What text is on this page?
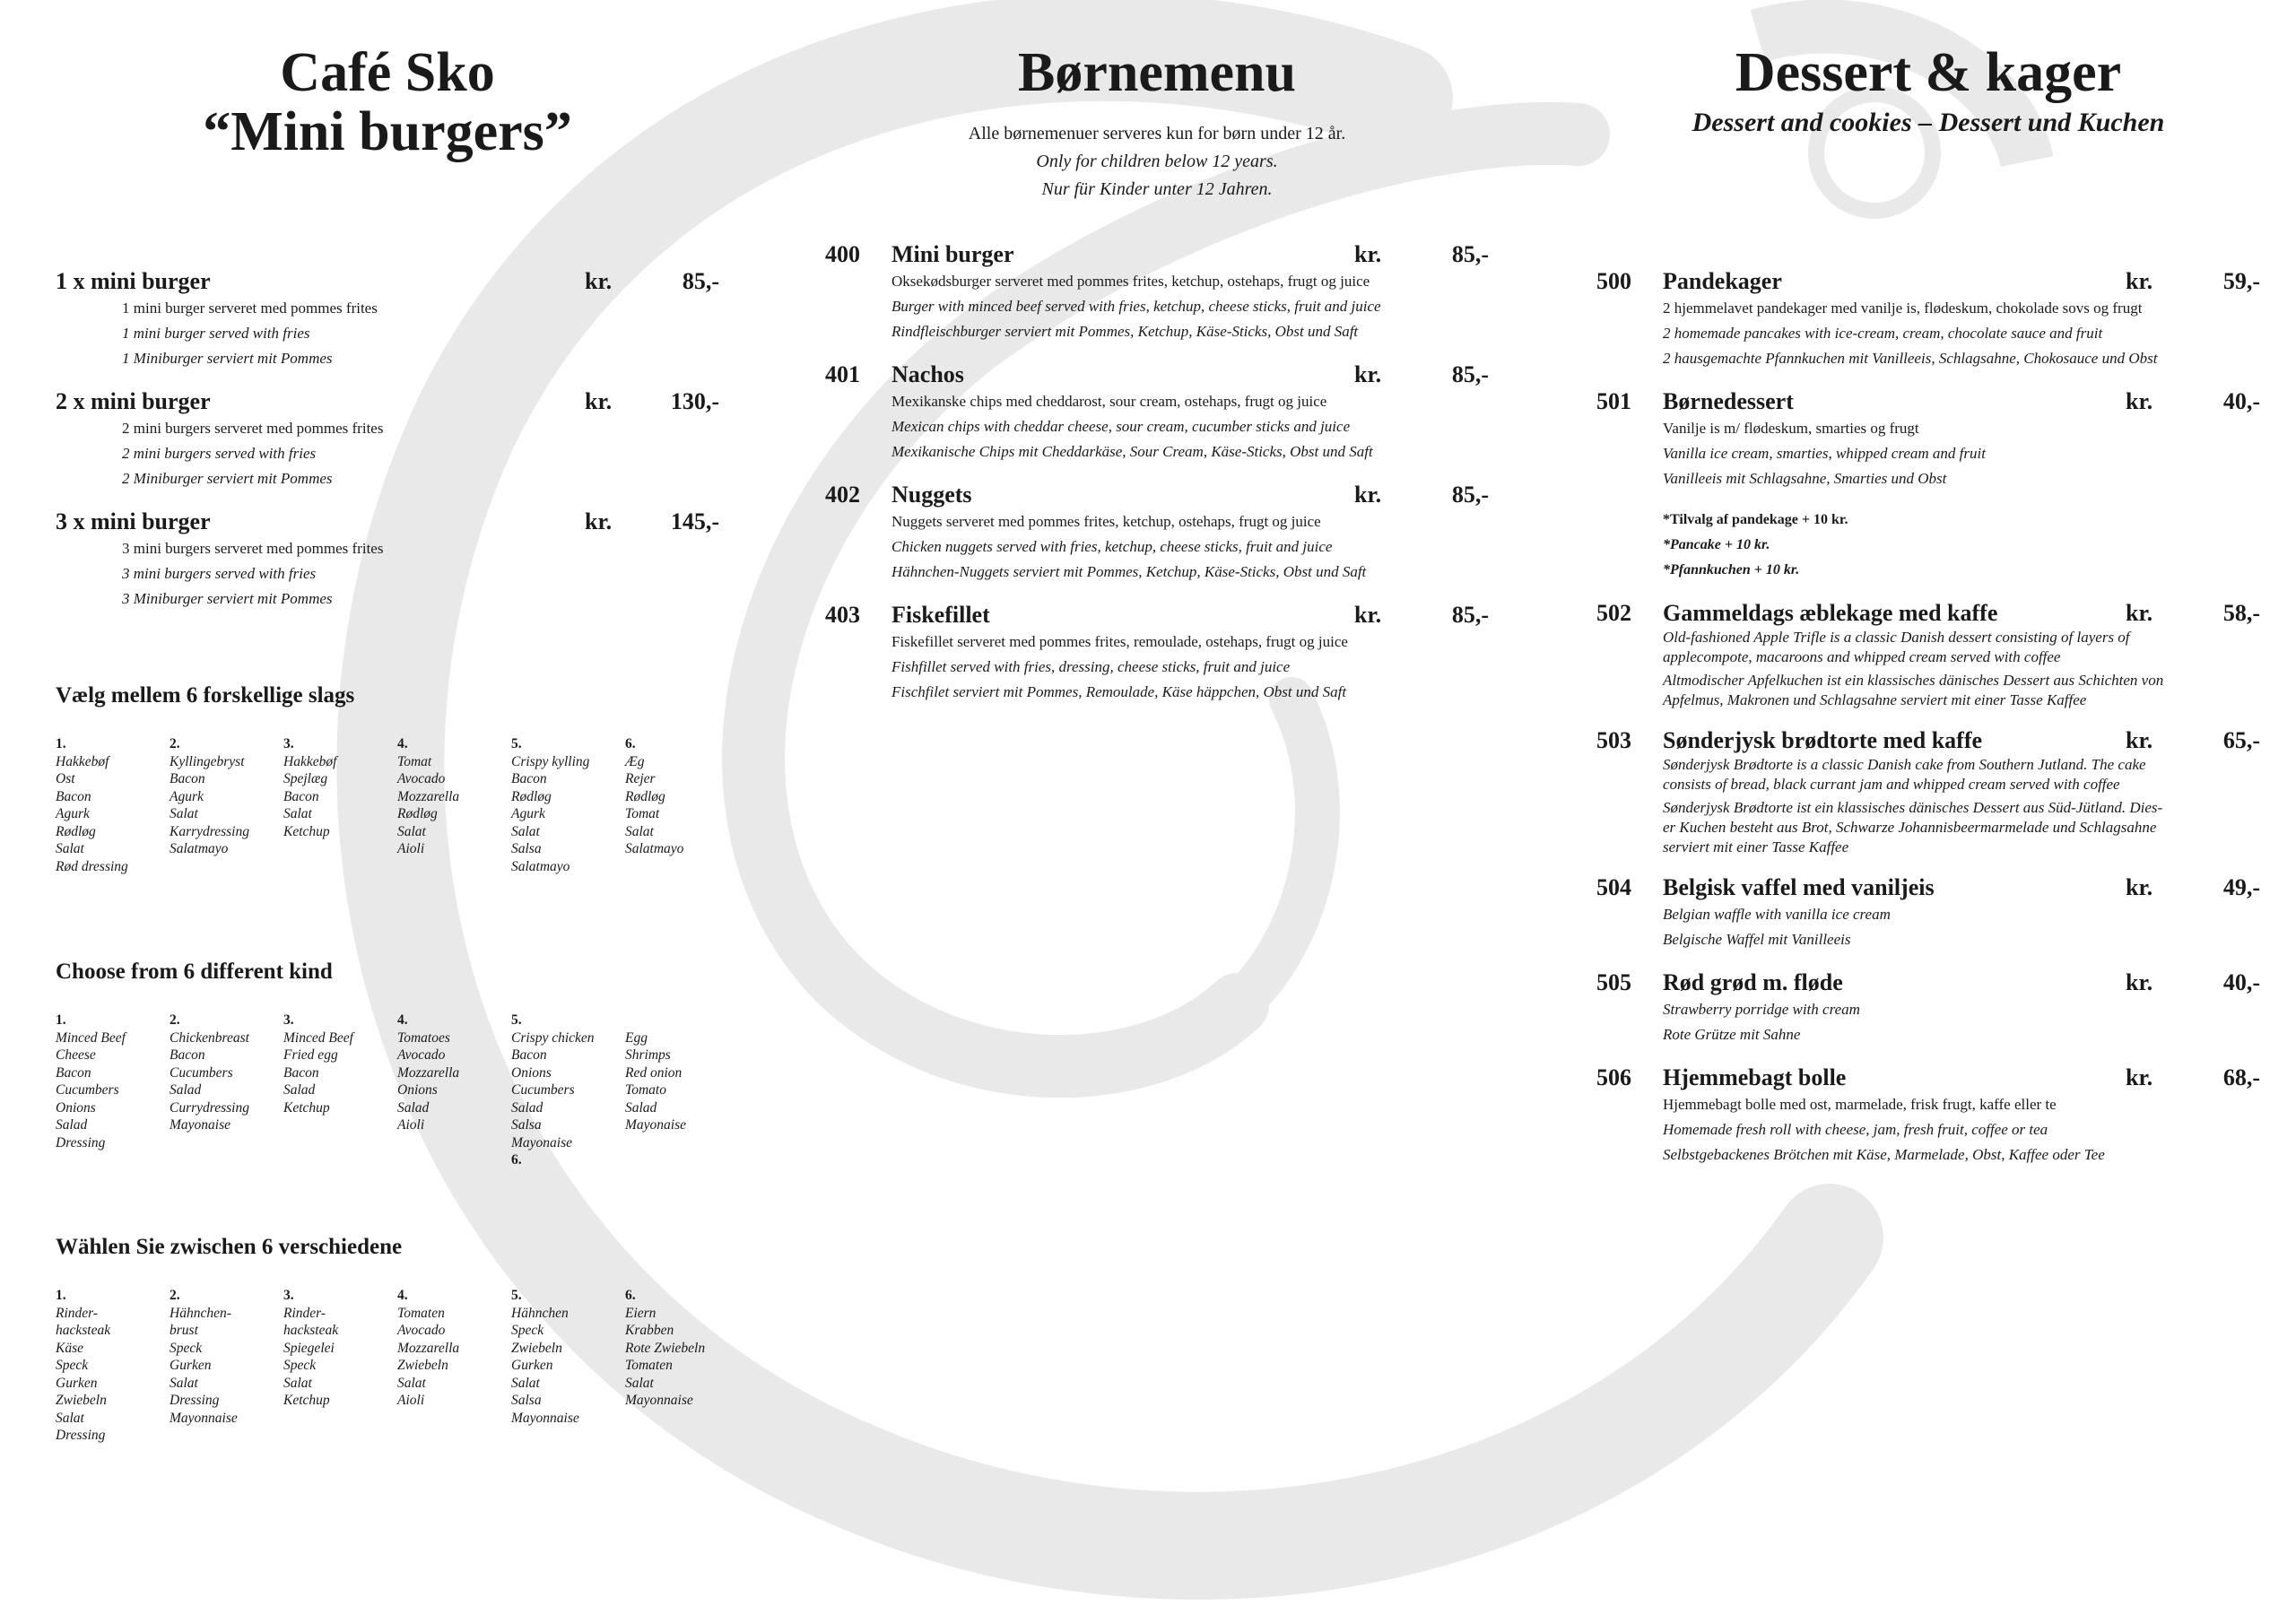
Café Sko
“Mini burgers”
1 x mini burger	kr.	85,-
1 mini burger serveret med pommes frites
1 mini burger served with fries
1 Miniburger serviert mit Pommes
2 x mini burger	kr.	130,-
2 mini burgers serveret med pommes frites
2 mini burgers served with fries
2 Miniburger serviert mit Pommes
3 x mini burger	kr.	145,-
3 mini burgers serveret med pommes frites
3 mini burgers served with fries
3 Miniburger serviert mit Pommes
Vælg mellem 6 forskellige slags
1.
Hakkebøf
Ost
Bacon
Agurk
Rødløg
Salat
Rød dressing
2.
Kyllingebryst
Bacon
Agurk
Salat
Karrydressing
Salatmayo
3.
Hakkebøf
Spejlæg
Bacon
Salat
Ketchup
4.
Tomat
Avocado
Mozzarella
Rødløg
Salat
Aioli
5.
Crispy kylling
Bacon
Rødløg
Agurk
Salat
Salsa
Salatmayo
6.
Æg
Rejer
Rødløg
Tomat
Salat
Salatmayo
Choose from 6 different kind
1.
Minced Beef
Cheese
Bacon
Cucumbers
Onions
Salad
Dressing
2.
Chickenbreast
Bacon
Cucumbers
Salad
Currydressing
Mayonaise
3.
Minced Beef
Fried egg
Bacon
Salad
Ketchup
4.
Tomatoes
Avocado
Mozzarella
Onions
Salad
Aioli
5.
Crispy chicken
Bacon
Onions
Cucumbers
Salad
Salsa
Mayonaise
6.
Egg
Shrimps
Red onion
Tomato
Salad
Mayonaise
Wählen Sie zwischen 6 verschiedene
1.
Rinder-
hacksteak
Käse
Speck
Gurken
Zwiebeln
Salat
Dressing
2.
Hähnchen-
brust
Speck
Gurken
Salat
Dressing
Mayonnaise
3.
Rinder-
hacksteak
Spiegelei
Speck
Salat
Ketchup
4.
Tomaten
Avocado
Mozzarella
Zwiebeln
Salat
Aioli
5.
Hähnchen
Speck
Zwiebeln
Gurken
Salat
Salsa
Mayonnaise
6.
Eiern
Krabben
Rote Zwiebeln
Tomaten
Salat
Mayonnaise
Børnemenu
Alle børnemenuer serveres kun for børn under 12 år.
Only for children below 12 years.
Nur für Kinder unter 12 Jahren.
400	Mini burger	kr.	85,-
Oksekødsburger serveret med pommes frites, ketchup, ostehaps, frugt og juice
Burger with minced beef served with fries, ketchup, cheese sticks, fruit and juice
Rindfleischburger serviert mit Pommes, Ketchup, Käse-Sticks, Obst und Saft
401	Nachos	kr.	85,-
Mexikanske chips med cheddarost, sour cream, ostehaps, frugt og juice
Mexican chips with cheddar cheese, sour cream, cucumber sticks and juice
Mexikanische Chips mit Cheddarkäse, Sour Cream, Käse-Sticks, Obst und Saft
402	Nuggets	kr.	85,-
Nuggets serveret med pommes frites, ketchup, ostehaps, frugt og juice
Chicken nuggets served with fries, ketchup, cheese sticks, fruit and juice
Hähnchen-Nuggets serviert mit Pommes, Ketchup, Käse-Sticks, Obst und Saft
403	Fiskefillet	kr.	85,-
Fiskefillet serveret med pommes frites, remoulade, ostehaps, frugt og juice
Fishfillet served with fries, dressing, cheese sticks, fruit and juice
Fischfilet serviert mit Pommes, Remoulade, Käse häppchen, Obst und Saft
Dessert & kager
Dessert and cookies – Dessert und Kuchen
500	Pandekager	kr.	59,-
2 hjemmelavet pandekager med vanilje is, flødeskum, chokolade sovs og frugt
2 homemade pancakes with ice-cream, cream, chocolate sauce and fruit
2 hausgemachte Pfannkuchen mit Vanilleeis, Schlagsahne, Chokosauce und Obst
501	Børnedessert	kr.	40,-
Vanilje is m/ flødeskum, smarties og frugt
Vanilla ice cream, smarties, whipped cream and fruit
Vanilleeis mit Schlagsahne, Smarties und Obst
*Tilvalg af pandekage + 10 kr.
*Pancake + 10 kr.
*Pfannkuchen + 10 kr.
502	Gammeldags æblekage med kaffe	kr.	58,-
Old-fashioned Apple Trifle is a classic Danish dessert consisting of layers of
applecompote, macaroons and whipped cream served with coffee
Altmodischer Apfelkuchen ist ein klassisches dänisches Dessert aus Schichten von
Apfelmus, Makronen und Schlagsahne serviert mit einer Tasse Kaffee
503	Sønderjysk brødtorte med kaffe	kr.	65,-
Sønderjysk Brødtorte is a classic Danish cake from Southern Jutland. The cake
consists of bread, black currant jam and whipped cream served with coffee
Sønderjysk Brødtorte ist ein klassisches dänisches Dessert aus Süd-Jütland. Dies-
er Kuchen besteht aus Brot, Schwarze Johannisbeermarmelade und Schlagsahne
serviert mit einer Tasse Kaffee
504	Belgisk vaffel med vaniljeis	kr.	49,-
Belgian waffle with vanilla ice cream
Belgische Waffel mit Vanilleeis
505	Rød grød m. fløde	kr.	40,-
Strawberry porridge with cream
Rote Grütze mit Sahne
506	Hjemmebagt bolle	kr.	68,-
Hjemmebagt bolle med ost, marmelade, frisk frugt, kaffe eller te
Homemade fresh roll with cheese, jam, fresh fruit, coffee or tea
Selbstgebackenes Brötchen mit Käse, Marmelade, Obst, Kaffee oder Tee
